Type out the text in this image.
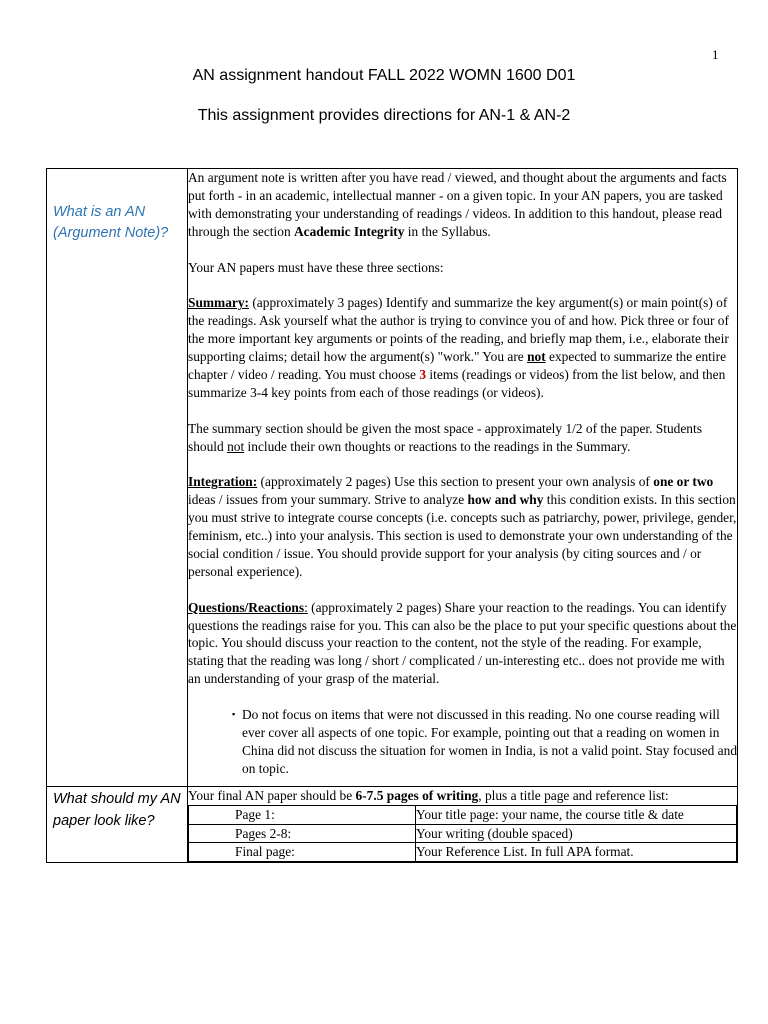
1
AN assignment handout FALL 2022 WOMN 1600 D01
This assignment provides directions for AN-1 & AN-2
What is an AN
(Argument Note)?

An argument note is written after you have read / viewed, and thought about the arguments and facts put forth - in an academic, intellectual manner - on a given topic. In your AN papers, you are tasked with demonstrating your understanding of readings / videos. In addition to this handout, please read through the section Academic Integrity in the Syllabus.

Your AN papers must have these three sections:

Summary: (approximately 3 pages) Identify and summarize the key argument(s) or main point(s) of the readings. Ask yourself what the author is trying to convince you of and how. Pick three or four of the more important key arguments or points of the reading, and briefly map them, i.e., elaborate their supporting claims; detail how the argument(s) "work." You are not expected to summarize the entire chapter / video / reading. You must choose 3 items (readings or videos) from the list below, and then summarize 3-4 key points from each of those readings (or videos).

The summary section should be given the most space - approximately 1/2 of the paper. Students should not include their own thoughts or reactions to the readings in the Summary.

Integration: (approximately 2 pages) Use this section to present your own analysis of one or two ideas / issues from your summary. Strive to analyze how and why this condition exists. In this section you must strive to integrate course concepts (i.e. concepts such as patriarchy, power, privilege, gender, feminism, etc..) into your analysis. This section is used to demonstrate your own understanding of the social condition / issue. You should provide support for your analysis (by citing sources and / or personal experience).

Questions/Reactions: (approximately 2 pages) Share your reaction to the readings. You can identify questions the readings raise for you. This can also be the place to put your specific questions about the topic. You should discuss your reaction to the content, not the style of the reading. For example, stating that the reading was long / short / complicated / un-interesting etc.. does not provide me with an understanding of your grasp of the material.

▪ Do not focus on items that were not discussed in this reading. No one course reading will ever cover all aspects of one topic. For example, pointing out that a reading on women in China did not discuss the situation for women in India, is not a valid point. Stay focused and on topic.

What should my AN paper look like?

Your final AN paper should be 6-7.5 pages of writing, plus a title page and reference list:
Page 1:	Your title page: your name, the course title & date
Pages 2-8:	Your writing (double spaced)
Final page:	Your Reference List. In full APA format.
